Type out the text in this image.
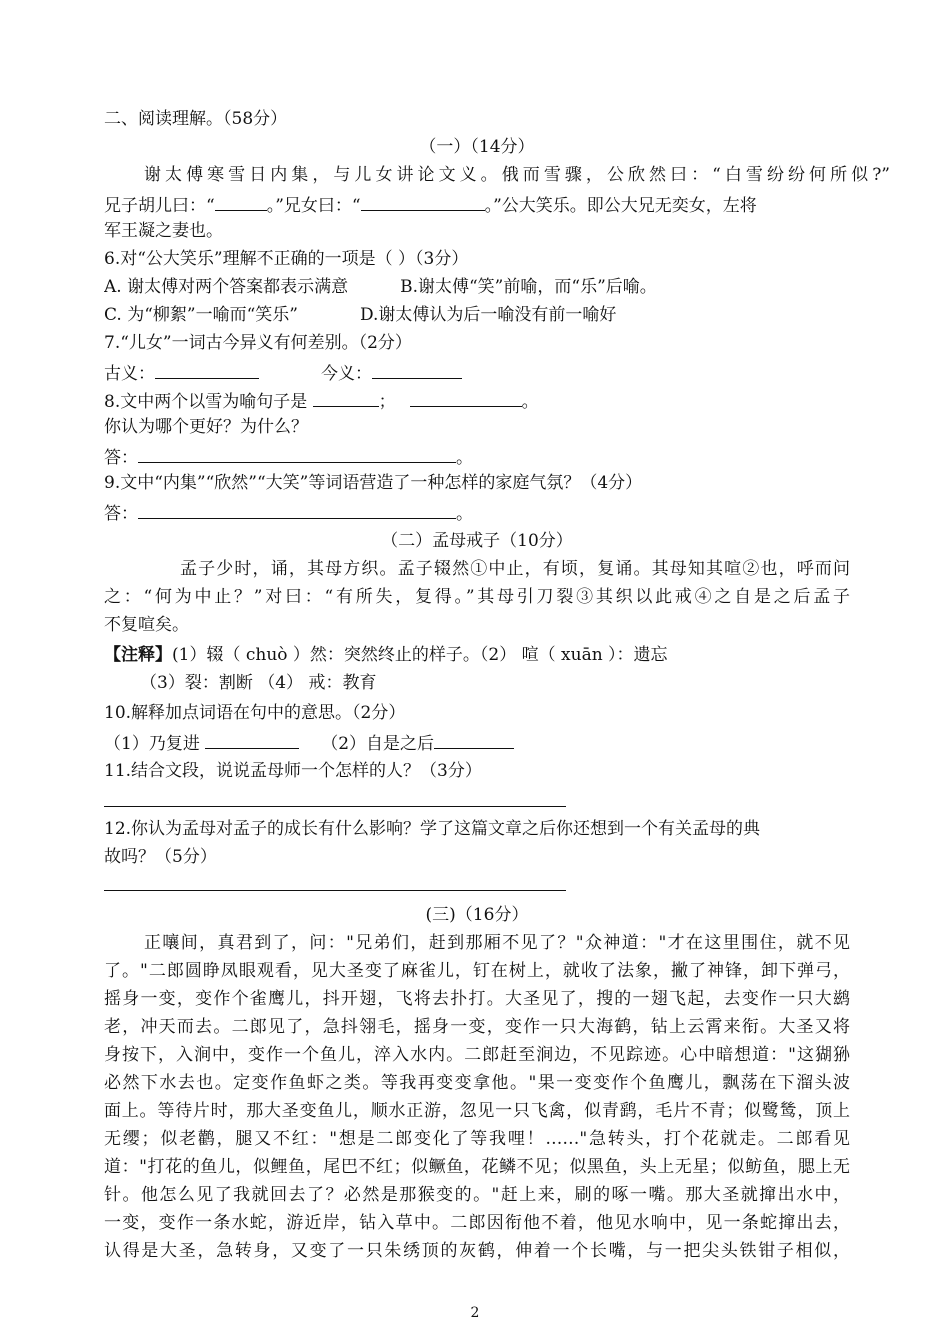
二、阅读理解。（58分）
（一）（14分）
谢太傅寒雪日内集，与儿女讲论文义。俄而雪骤，公欣然曰：“白雪纷纷何所似?”
兄子胡儿曰：“	。”兄女曰：“	。”公大笑乐。即公大兄无奕女，左将
军王凝之妻也。
6.对“公大笑乐”理解不正确的一项是（ ）（3分）
A. 谢太傅对两个答案都表示满意	B.谢太傅“笑”前喻，而“乐”后喻。
C. 为“柳絮”一喻而“笑乐”	D.谢太傅认为后一喻没有前一喻好
7.“儿女”一词古今异义有何差别。（2分）
古义：	今义：
8.文中两个以雪为喻句子是	；	。
你认为哪个更好？为什么？
答：	。
9.文中“内集”“欣然”“大笑”等词语营造了一种怎样的家庭气氛？（4分）
答：	。
（二）孟母戒子（10分）
孟子少时，诵，其母方织。孟子辍然①中止，有顷，复诵。其母知其喧②也，呼而问
之：“何为中止？”对曰：“有所失，复得。”其母引刀裂③其织以此戒④之自是之后孟子
不复喧矣。
【注释】(1）辍（ chuò ）然：突然终止的样子。（2） 喧（ xuān ）：遗忘
（3）裂：割断 （4） 戒：教育
10.解释加点词语在句中的意思。（2分）
（1）乃复进	（2）自是之后
11.结合文段，说说孟母师一个怎样的人？（3分）
12.你认为孟母对孟子的成长有什么影响？学了这篇文章之后你还想到一个有关孟母的典
故吗？（5分）
(三)（16分）
正嚷间，真君到了，问："兄弟们，赶到那厢不见了？"众神道："才在这里围住，就不见
了。"二郎圆睁凤眼观看，见大圣变了麻雀儿，钉在树上，就收了法象，撇了神锋，卸下弹弓，
摇身一变，变作个雀鹰儿，抖开翅，飞将去扑打。大圣见了，搜的一翅飞起，去变作一只大鹚
老，冲天而去。二郎见了，急抖翎毛，摇身一变，变作一只大海鹤，钻上云霄来衔。大圣又将
身按下，入涧中，变作一个鱼儿，淬入水内。二郎赶至涧边，不见踪迹。心中暗想道："这猢狲
必然下水去也。定变作鱼虾之类。等我再变变拿他。"果一变变作个鱼鹰儿，飘荡在下溜头波
面上。等待片时，那大圣变鱼儿，顺水正游，忽见一只飞禽，似青鹞，毛片不青；似鹭鸶，顶上
无缨；似老鹳，腿又不红："想是二郎变化了等我哩！……"急转头，打个花就走。二郎看见
道："打花的鱼儿，似鲤鱼，尾巴不红；似鳜鱼，花鳞不见；似黑鱼，头上无星；似鲂鱼，腮上无
针。他怎么见了我就回去了？必然是那猴变的。"赶上来，刷的啄一嘴。那大圣就撺出水中，
一变，变作一条水蛇，游近岸，钻入草中。二郎因衔他不着，他见水响中，见一条蛇撺出去，
认得是大圣，急转身，又变了一只朱绣顶的灰鹤，伸着一个长嘴，与一把尖头铁钳子相似，
2
